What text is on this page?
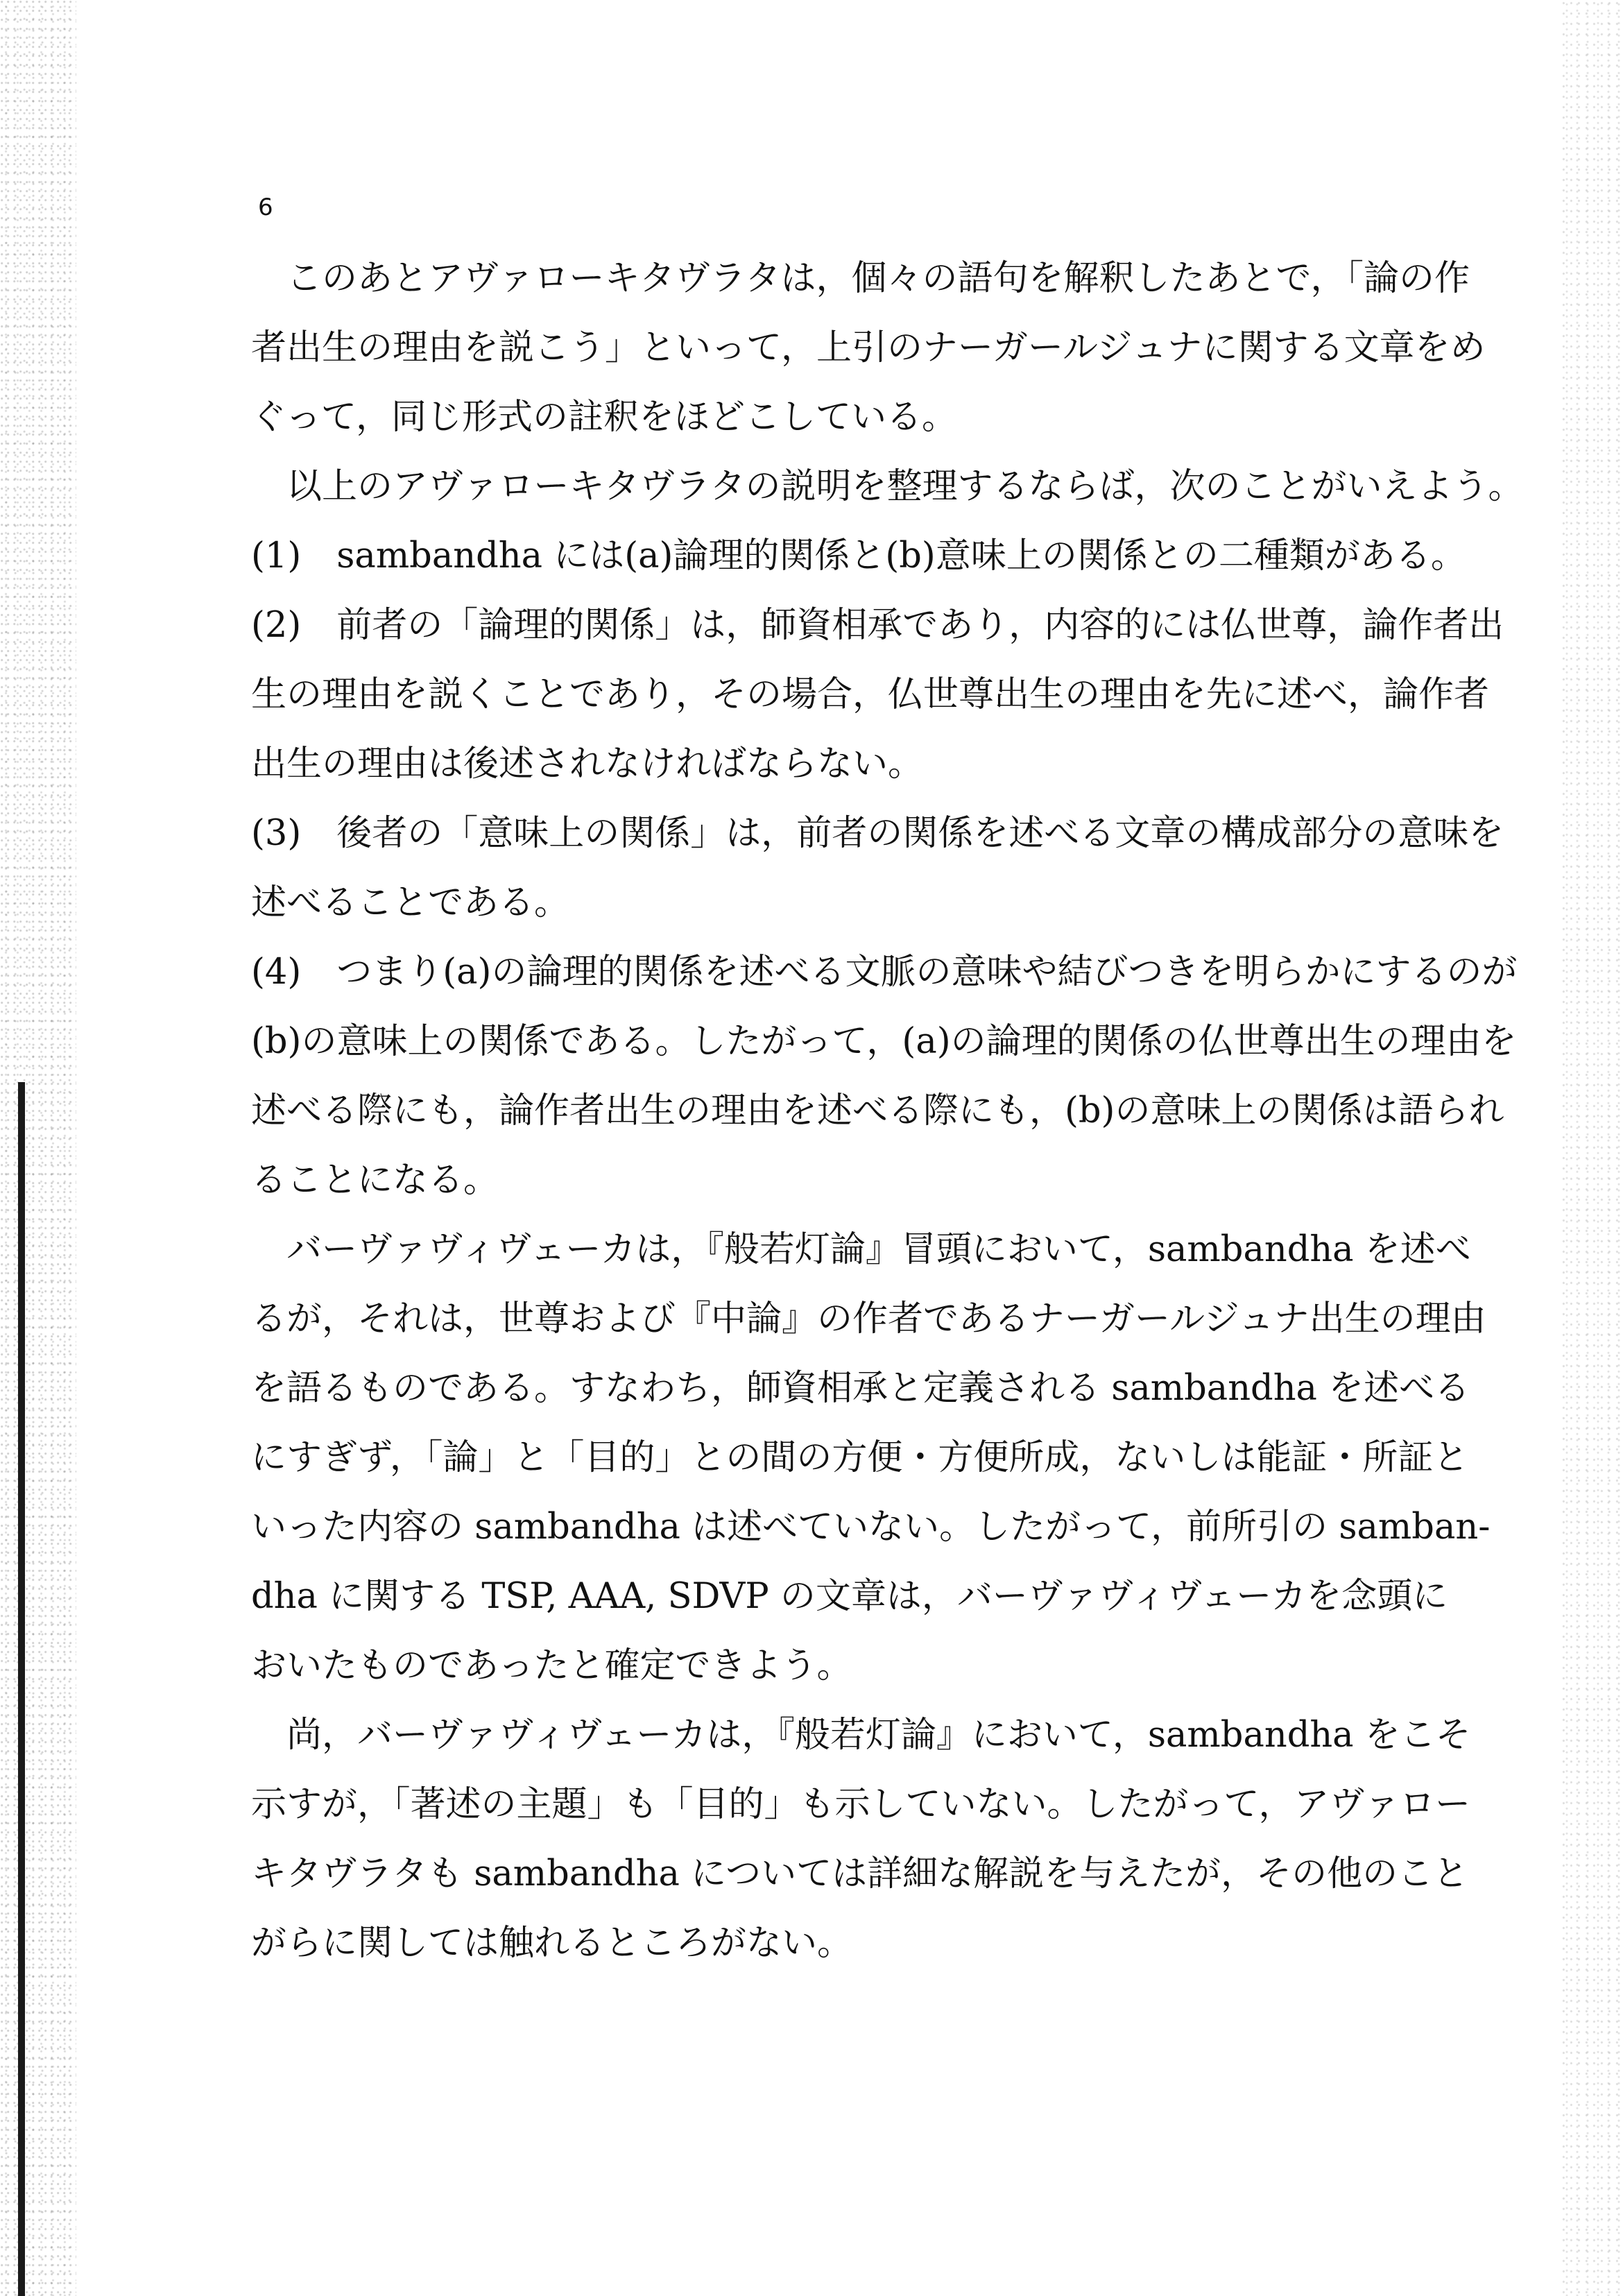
6

　このあとアヴァローキタヴラタは，個々の語句を解釈したあとで，「論の作

者出生の理由を説こう」といって，上引のナーガールジュナに関する文章をめ

ぐって，同じ形式の註釈をほどこしている。

　以上のアヴァローキタヴラタの説明を整理するならば，次のことがいえよう。

(1)　sambandha には(a)論理的関係と(b)意味上の関係との二種類がある。

(2)　前者の「論理的関係」は，師資相承であり，内容的には仏世尊，論作者出

生の理由を説くことであり，その場合，仏世尊出生の理由を先に述べ，論作者

出生の理由は後述されなければならない。

(3)　後者の「意味上の関係」は，前者の関係を述べる文章の構成部分の意味を

述べることである。

(4)　つまり(a)の論理的関係を述べる文脈の意味や結びつきを明らかにするのが

(b)の意味上の関係である。したがって，(a)の論理的関係の仏世尊出生の理由を

述べる際にも，論作者出生の理由を述べる際にも，(b)の意味上の関係は語られ

ることになる。

　バーヴァヴィヴェーカは，『般若灯論』冒頭において，sambandha を述べ

るが，それは，世尊および『中論』の作者であるナーガールジュナ出生の理由

を語るものである。すなわち，師資相承と定義される sambandha を述べる

にすぎず，「論」と「目的」との間の方便・方便所成，ないしは能証・所証と

いった内容の sambandha は述べていない。したがって，前所引の samban-

dha に関する TSP, AAA, SDVP の文章は，バーヴァヴィヴェーカを念頭に

おいたものであったと確定できよう。

　尚，バーヴァヴィヴェーカは，『般若灯論』において，sambandha をこそ

示すが，「著述の主題」も「目的」も示していない。したがって，アヴァロー

キタヴラタも sambandha については詳細な解説を与えたが，その他のこと

がらに関しては触れるところがない。
